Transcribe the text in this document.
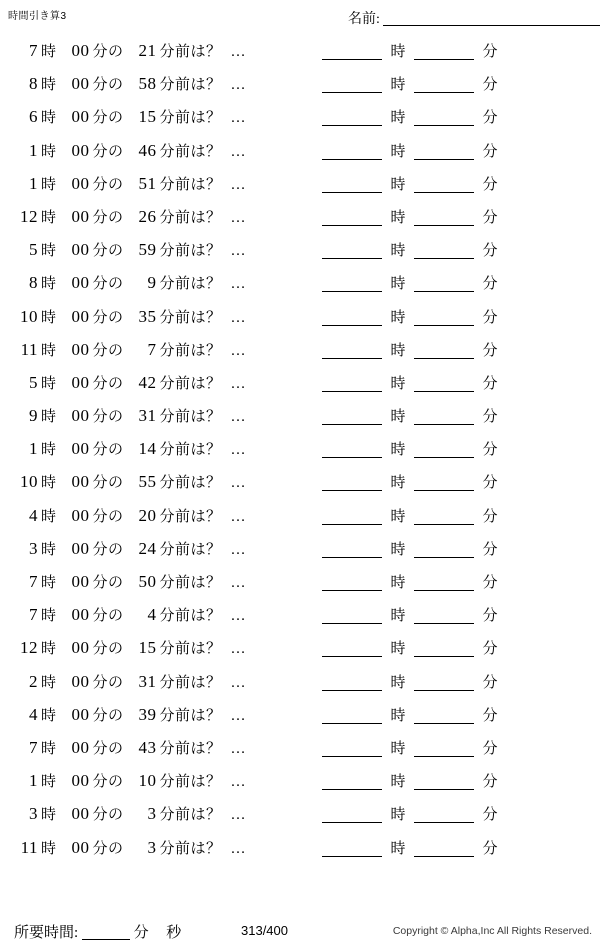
時間引き算3	名前:
7 時 00 分の 21 分前は？ …	時	分
8 時 00 分の 58 分前は？ …	時	分
6 時 00 分の 15 分前は？ …	時	分
1 時 00 分の 46 分前は？ …	時	分
1 時 00 分の 51 分前は？ …	時	分
12 時 00 分の 26 分前は？ …	時	分
5 時 00 分の 59 分前は？ …	時	分
8 時 00 分の 9 分前は？ …	時	分
10 時 00 分の 35 分前は？ …	時	分
11 時 00 分の 7 分前は？ …	時	分
5 時 00 分の 42 分前は？ …	時	分
9 時 00 分の 31 分前は？ …	時	分
1 時 00 分の 14 分前は？ …	時	分
10 時 00 分の 55 分前は？ …	時	分
4 時 00 分の 20 分前は？ …	時	分
3 時 00 分の 24 分前は？ …	時	分
7 時 00 分の 50 分前は？ …	時	分
7 時 00 分の 4 分前は？ …	時	分
12 時 00 分の 15 分前は？ …	時	分
2 時 00 分の 31 分前は？ …	時	分
4 時 00 分の 39 分前は？ …	時	分
7 時 00 分の 43 分前は？ …	時	分
1 時 00 分の 10 分前は？ …	時	分
3 時 00 分の 3 分前は？ …	時	分
11 時 00 分の 3 分前は？ …	時	分
所要時間:	分 秒	313/400	Copyright © Alpha,Inc All Rights Reserved.
